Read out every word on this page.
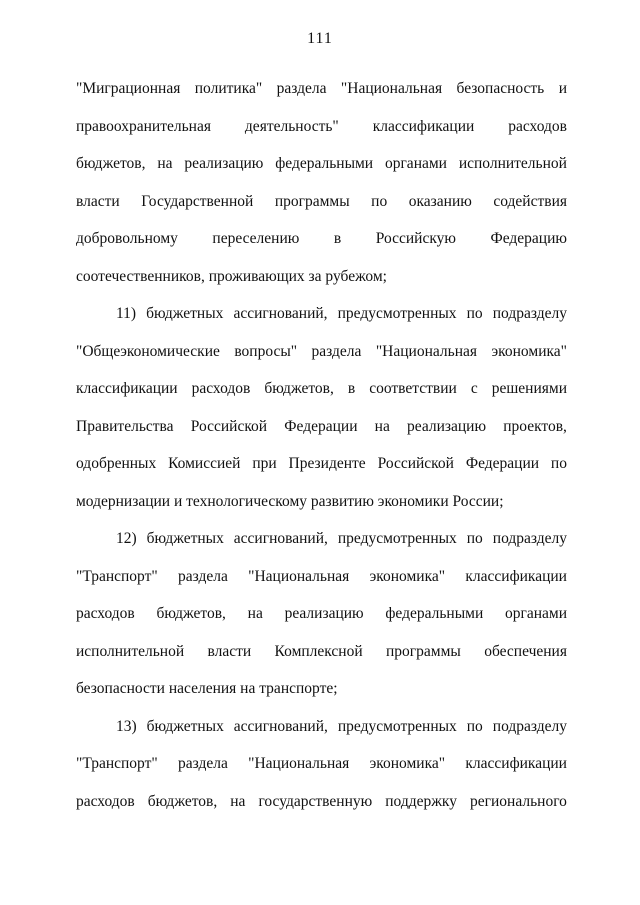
111
"Миграционная политика" раздела "Национальная безопасность и
правоохранительная деятельность" классификации расходов
бюджетов, на реализацию федеральными органами исполнительной
власти Государственной программы по оказанию содействия
добровольному переселению в Российскую Федерацию
соотечественников, проживающих за рубежом;
11) бюджетных ассигнований, предусмотренных по подразделу
"Общеэкономические вопросы" раздела "Национальная экономика"
классификации расходов бюджетов, в соответствии с решениями
Правительства Российской Федерации на реализацию проектов,
одобренных Комиссией при Президенте Российской Федерации по
модернизации и технологическому развитию экономики России;
12) бюджетных ассигнований, предусмотренных по подразделу
"Транспорт" раздела "Национальная экономика" классификации
расходов бюджетов, на реализацию федеральными органами
исполнительной власти Комплексной программы обеспечения
безопасности населения на транспорте;
13) бюджетных ассигнований, предусмотренных по подразделу
"Транспорт" раздела "Национальная экономика" классификации
расходов бюджетов, на государственную поддержку регионального
